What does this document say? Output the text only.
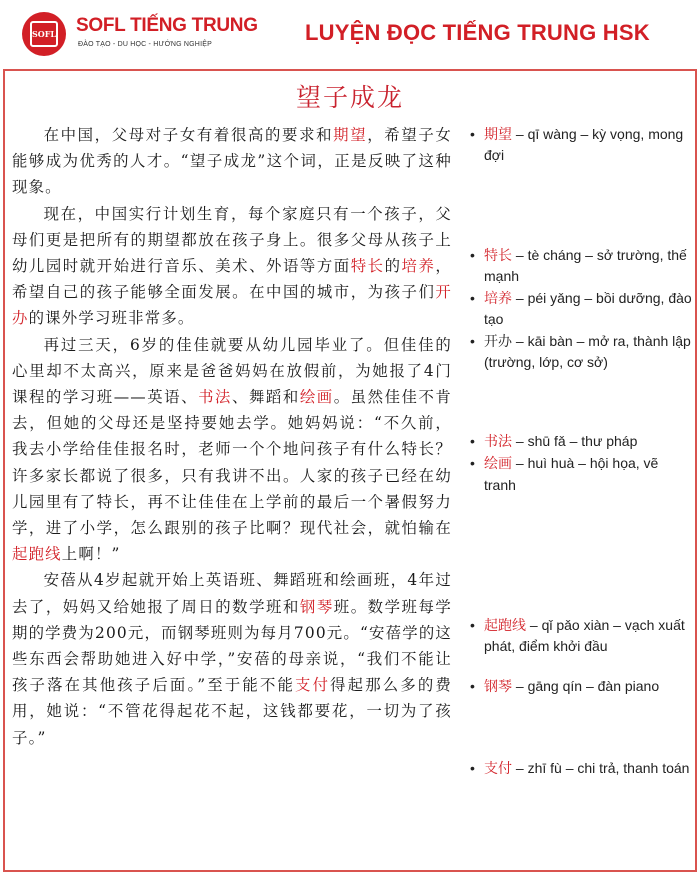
SOFL SOFL TIẾNG TRUNG
ĐÀO TẠO - DU HỌC - HƯỚNG NGHIỆP	LUYỆN ĐỌC TIẾNG TRUNG HSK
望子成龙

在中国，父母对子女有着很高的要求和期望，希望子女能够成为优秀的人才。“望子成龙”这个词，正是反映了这种现象。

现在，中国实行计划生育，每个家庭只有一个孩子，父母们更是把所有的期望都放在孩子身上。很多父母从孩子上幼儿园时就开始进行音乐、美术、外语等方面特长的培养，希望自己的孩子能够全面发展。在中国的城市，为孩子们开办的课外学习班非常多。

再过三天，6岁的佳佳就要从幼儿园毕业了。但佳佳的心里却不太高兴，原来是爸爸妈妈在放假前，为她报了4门课程的学习班——英语、书法、舞蹈和绘画。虽然佳佳不肯去，但她的父母还是坚持要她去学。她妈妈说：“不久前，我去小学给佳佳报名时，老师一个个地问孩子有什么特长？许多家长都说了很多，只有我讲不出。人家的孩子已经在幼儿园里有了特长，再不让佳佳在上学前的最后一个暑假努力学，进了小学，怎么跟别的孩子比啊？现代社会，就怕输在起跑线上啊！”

安蓓从4岁起就开始上英语班、舞蹈班和绘画班，4年过去了，妈妈又给她报了周日的数学班和钢琴班。数学班每学期的学费为200元，而钢琴班则为每月700元。“安蓓学的这些东西会帮助她进入好中学，”安蓓的母亲说，“我们不能让孩子落在其他孩子后面。”至于能不能支付得起那么多的费用，她说：“不管花得起花不起，这钱都要花，一切为了孩子。”

• 期望 – qī wàng – kỳ vọng, mong đợi
• 特长 – tè cháng – sở trường, thế mạnh
• 培养 – péi yǎng – bồi dưỡng, đào tạo
• 开办 – kāi bàn – mở ra, thành lập (trường, lớp, cơ sở)
• 书法 – shū fǎ – thư pháp
• 绘画 – huì huà – hội họa, vẽ tranh
• 起跑线 – qǐ pǎo xiàn – vạch xuất phát, điểm khởi đầu
• 钢琴 – gāng qín – đàn piano
• 支付 – zhī fù – chi trả, thanh toán
